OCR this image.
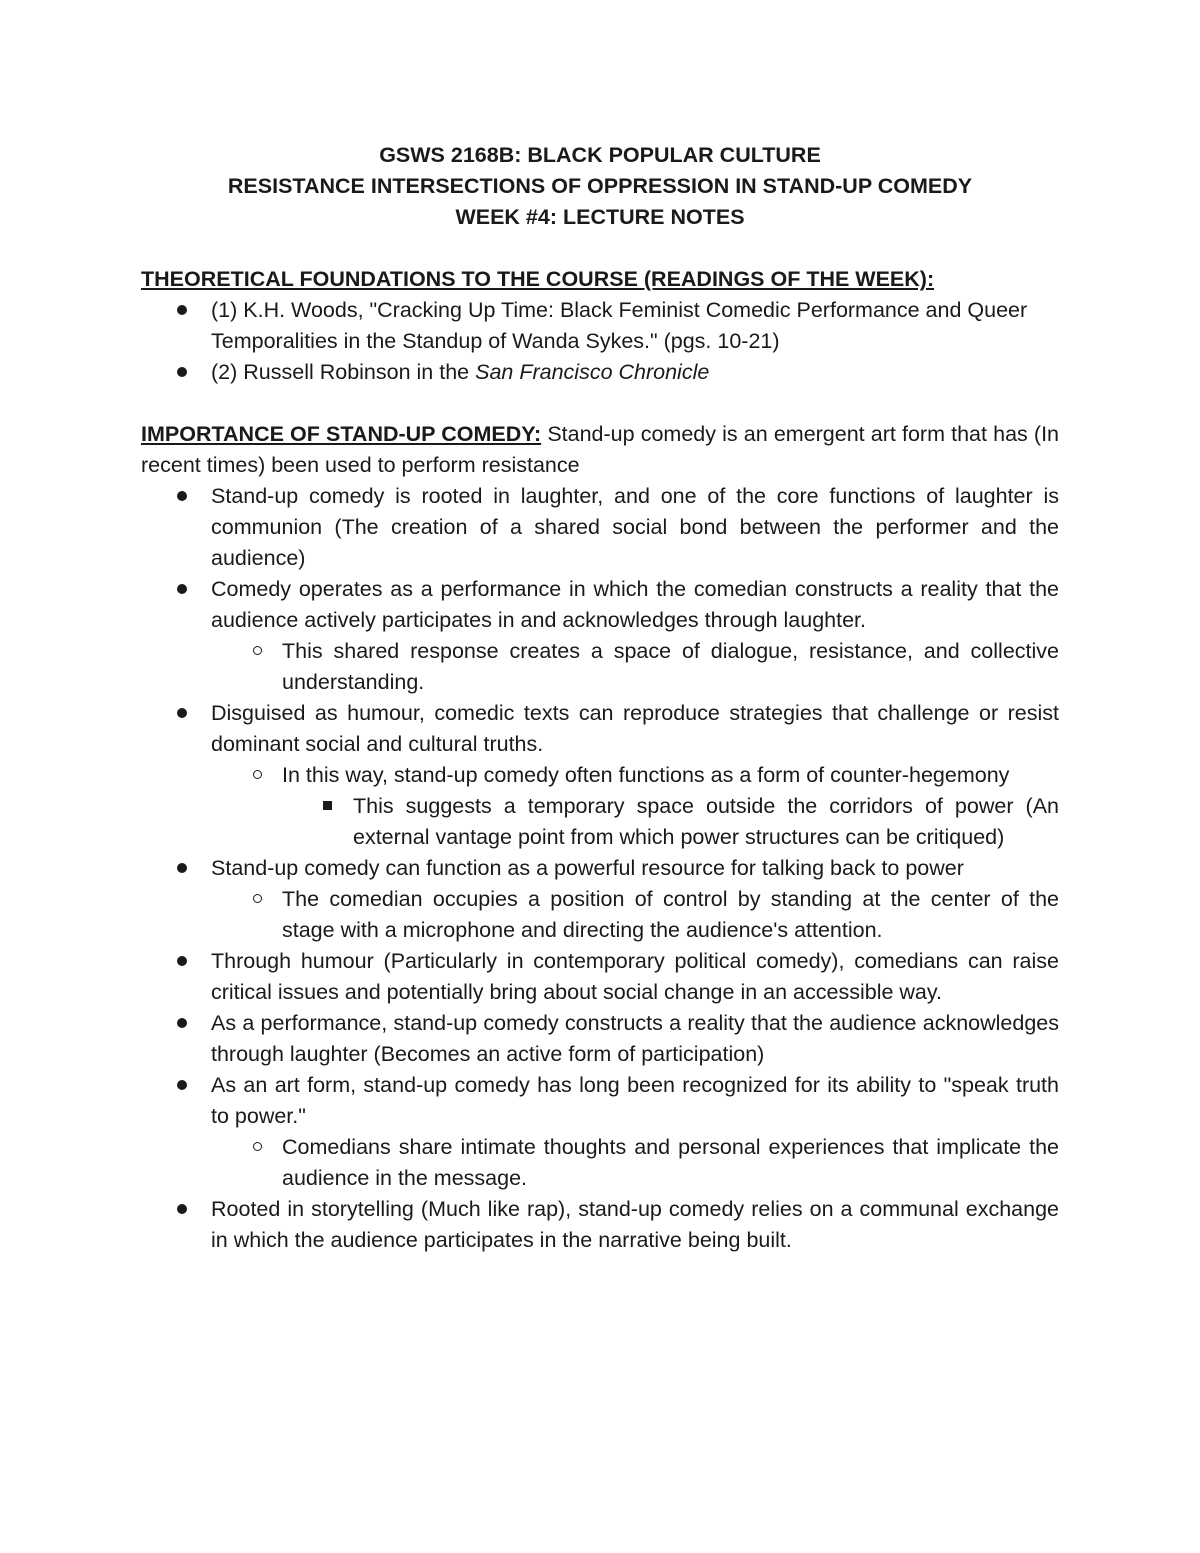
GSWS 2168B: BLACK POPULAR CULTURE

RESISTANCE INTERSECTIONS OF OPPRESSION IN STAND-UP COMEDY

WEEK #4: LECTURE NOTES

THEORETICAL FOUNDATIONS TO THE COURSE (READINGS OF THE WEEK):

(1) K.H. Woods, "Cracking Up Time: Black Feminist Comedic Performance and Queer Temporalities in the Standup of Wanda Sykes." (pgs. 10-21)
(2) Russell Robinson in the San Francisco Chronicle

IMPORTANCE OF STAND-UP COMEDY: Stand-up comedy is an emergent art form that has (In recent times) been used to perform resistance

Stand-up comedy is rooted in laughter, and one of the core functions of laughter is communion (The creation of a shared social bond between the performer and the audience)
Comedy operates as a performance in which the comedian constructs a reality that the audience actively participates in and acknowledges through laughter.
This shared response creates a space of dialogue, resistance, and collective understanding.
Disguised as humour, comedic texts can reproduce strategies that challenge or resist dominant social and cultural truths.
In this way, stand-up comedy often functions as a form of counter-hegemony
This suggests a temporary space outside the corridors of power (An external vantage point from which power structures can be critiqued)
Stand-up comedy can function as a powerful resource for talking back to power
The comedian occupies a position of control by standing at the center of the stage with a microphone and directing the audience's attention.
Through humour (Particularly in contemporary political comedy), comedians can raise critical issues and potentially bring about social change in an accessible way.
As a performance, stand-up comedy constructs a reality that the audience acknowledges through laughter (Becomes an active form of participation)
As an art form, stand-up comedy has long been recognized for its ability to "speak truth to power."
Comedians share intimate thoughts and personal experiences that implicate the audience in the message.
Rooted in storytelling (Much like rap), stand-up comedy relies on a communal exchange in which the audience participates in the narrative being built.
